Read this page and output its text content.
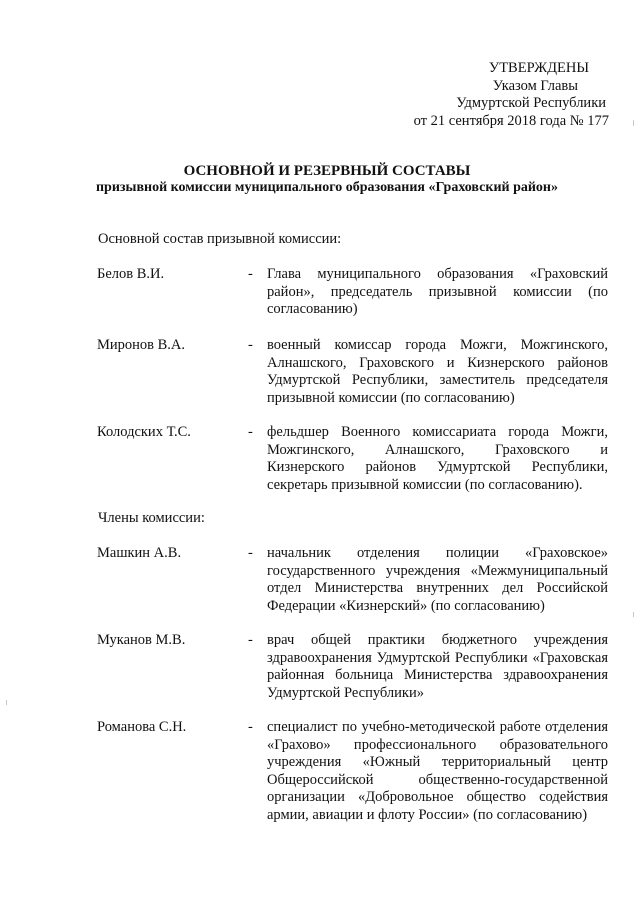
УТВЕРЖДЕНЫ
Указом Главы
Удмуртской Республики
от 21 сентября 2018 года № 177
ОСНОВНОЙ И РЕЗЕРВНЫЙ СОСТАВЫ
призывной комиссии муниципального образования «Граховский район»
Основной состав призывной комиссии:
Белов В.И.	- Глава муниципального образования «Граховский район», председатель призывной комиссии (по согласованию)
Миронов В.А.	- военный комиссар города Можги, Можгинского, Алнашского, Граховского и Кизнерского районов Удмуртской Республики, заместитель председателя призывной комиссии (по согласованию)
Колодских Т.С.	- фельдшер Военного комиссариата города Можги, Можгинского, Алнашского, Граховского и Кизнерского районов Удмуртской Республики, секретарь призывной комиссии (по согласованию).
Члены комиссии:
Машкин А.В.	- начальник отделения полиции «Граховское» государственного учреждения «Межмуниципальный отдел Министерства внутренних дел Российской Федерации «Кизнерский» (по согласованию)
Муканов М.В.	- врач общей практики бюджетного учреждения здравоохранения Удмуртской Республики «Граховская районная больница Министерства здравоохранения Удмуртской Республики»
Романова С.Н.	- специалист по учебно-методической работе отделения «Грахово» профессионального образовательного учреждения «Южный территориальный центр Общероссийской общественно-государственной организации «Добровольное общество содействия армии, авиации и флоту России» (по согласованию)
